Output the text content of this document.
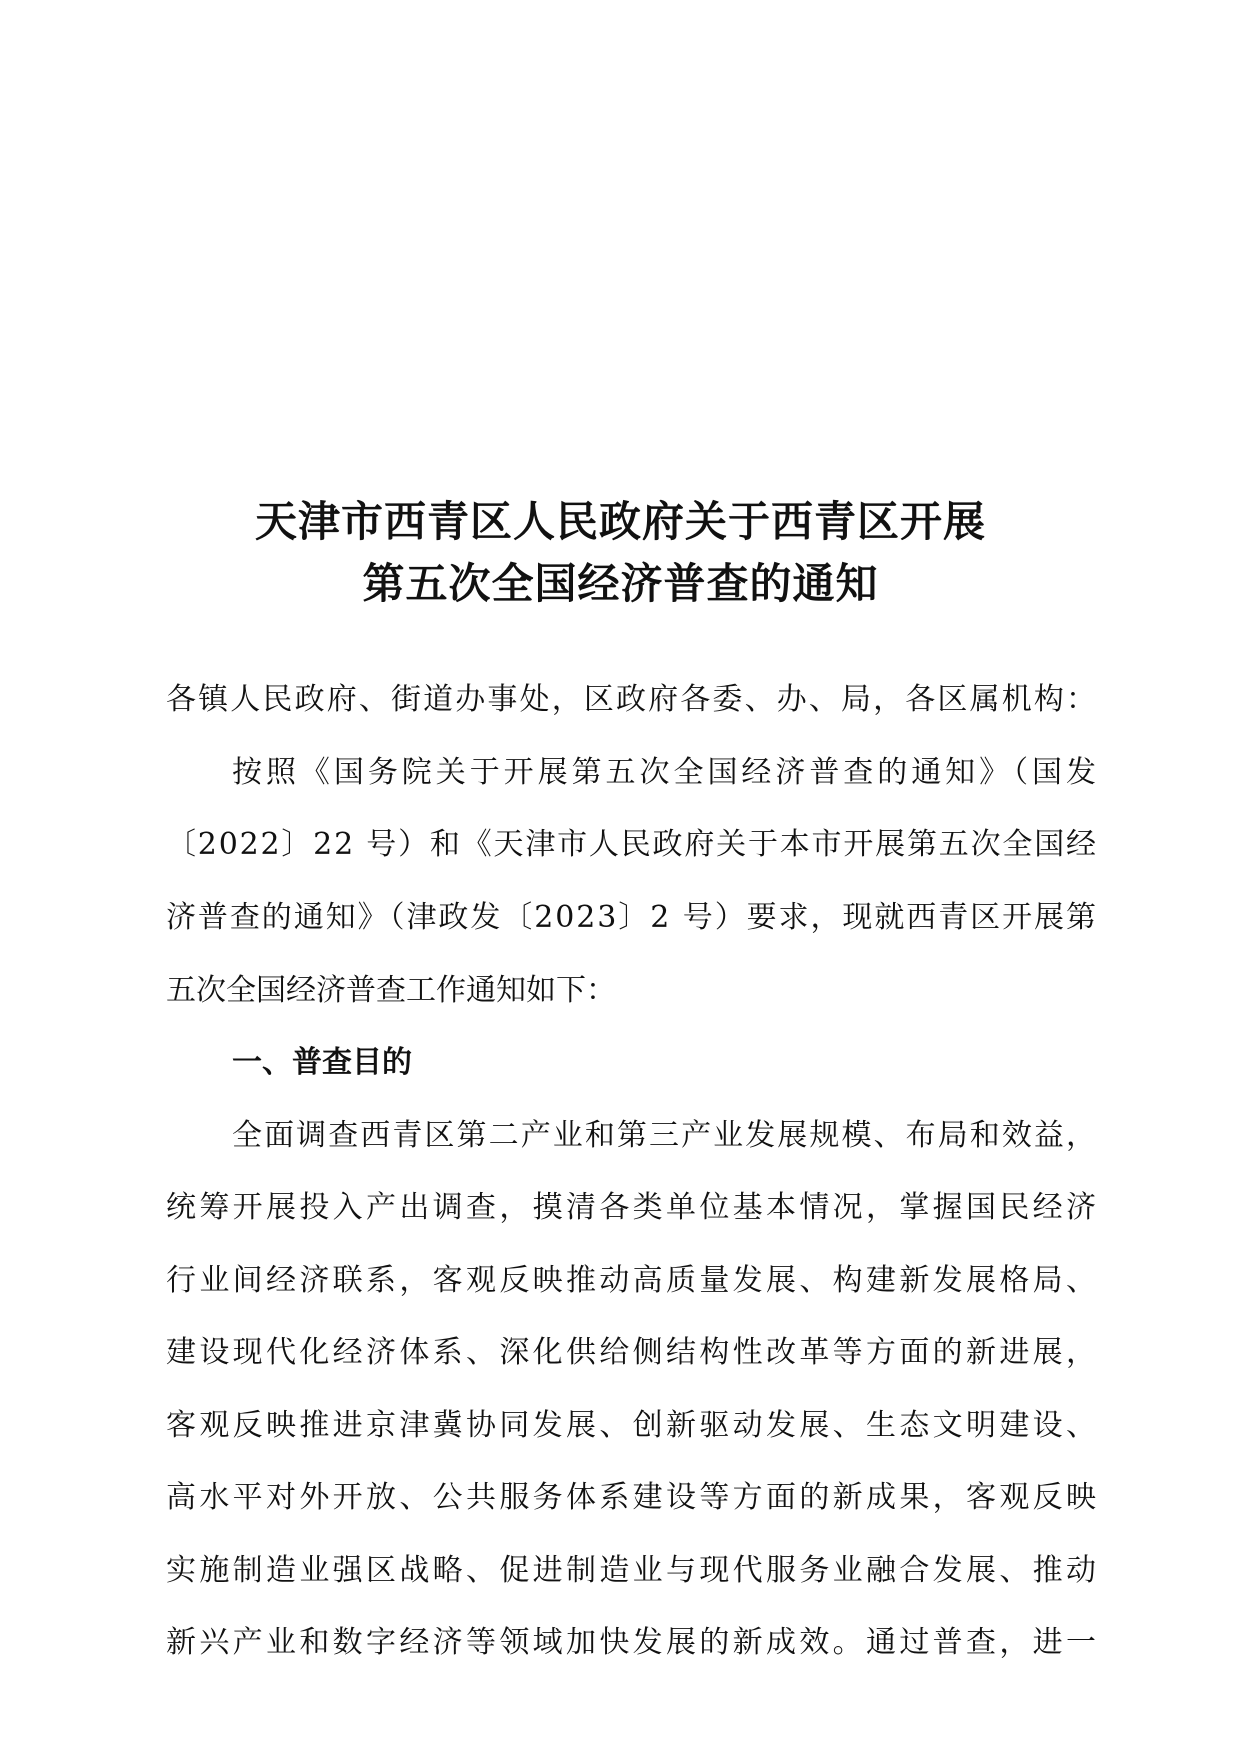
天津市西青区人民政府关于西青区开展
第五次全国经济普查的通知
各镇人民政府、街道办事处，区政府各委、办、局，各区属机构：
按照《国务院关于开展第五次全国经济普查的通知》（国发
〔2022〕22 号）和《天津市人民政府关于本市开展第五次全国经
济普查的通知》（津政发〔2023〕2 号）要求，现就西青区开展第
五次全国经济普查工作通知如下：
一、普查目的
全面调查西青区第二产业和第三产业发展规模、布局和效益，
统筹开展投入产出调查，摸清各类单位基本情况，掌握国民经济
行业间经济联系，客观反映推动高质量发展、构建新发展格局、
建设现代化经济体系、深化供给侧结构性改革等方面的新进展，
客观反映推进京津冀协同发展、创新驱动发展、生态文明建设、
高水平对外开放、公共服务体系建设等方面的新成果，客观反映
实施制造业强区战略、促进制造业与现代服务业融合发展、推动
新兴产业和数字经济等领域加快发展的新成效。通过普查，进一
